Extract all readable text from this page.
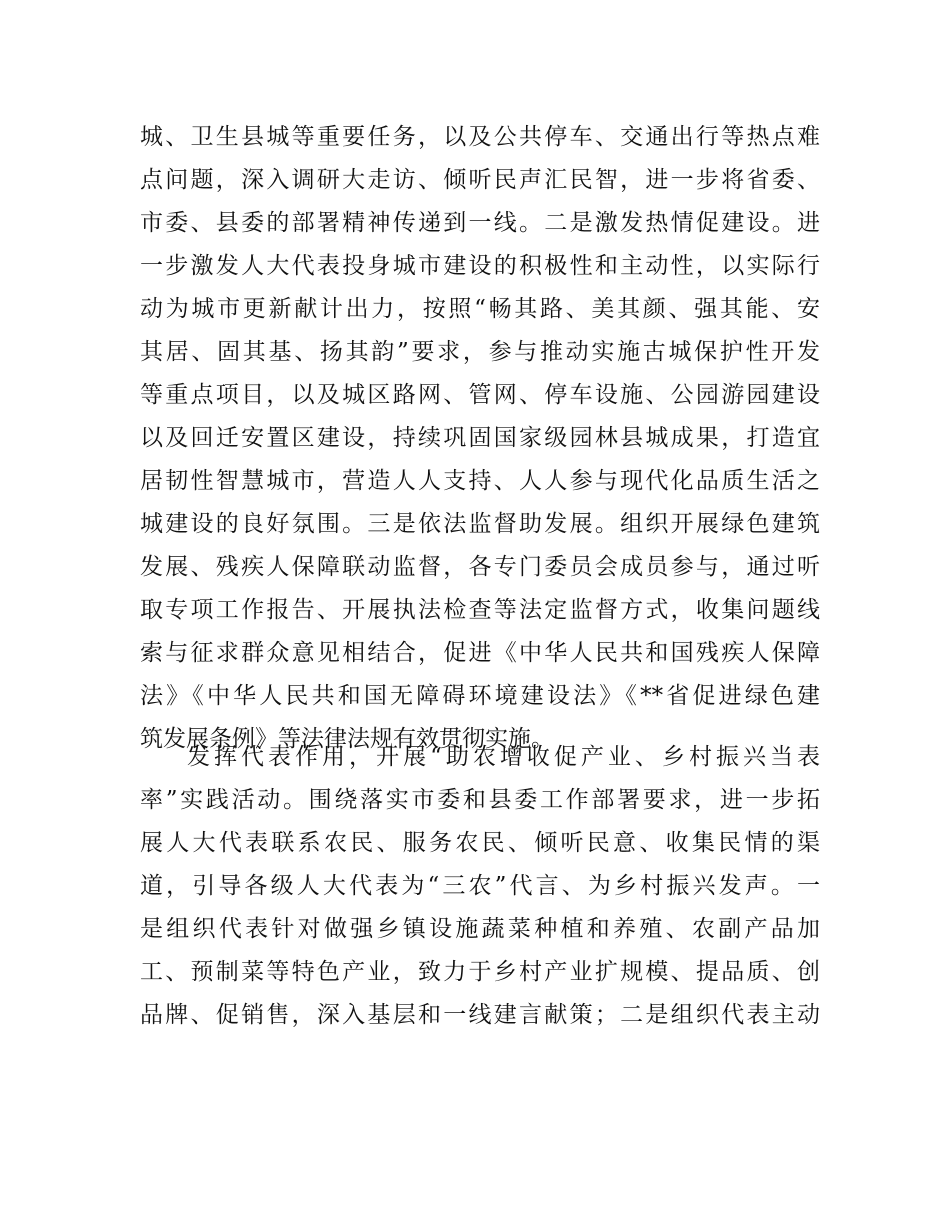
城、卫生县城等重要任务，以及公共停车、交通出行等热点难
点问题，深入调研大走访、倾听民声汇民智，进一步将省委、
市委、县委的部署精神传递到一线。二是激发热情促建设。进
一步激发人大代表投身城市建设的积极性和主动性，以实际行
动为城市更新献计出力，按照“畅其路、美其颜、强其能、安
其居、固其基、扬其韵”要求，参与推动实施古城保护性开发
等重点项目，以及城区路网、管网、停车设施、公园游园建设
以及回迁安置区建设，持续巩固国家级园林县城成果，打造宜
居韧性智慧城市，营造人人支持、人人参与现代化品质生活之
城建设的良好氛围。三是依法监督助发展。组织开展绿色建筑
发展、残疾人保障联动监督，各专门委员会成员参与，通过听
取专项工作报告、开展执法检查等法定监督方式，收集问题线
索与征求群众意见相结合，促进《中华人民共和国残疾人保障
法》《中华人民共和国无障碍环境建设法》《**省促进绿色建
筑发展条例》等法律法规有效贯彻实施。
发挥代表作用，开展“助农增收促产业、乡村振兴当表
率”实践活动。围绕落实市委和县委工作部署要求，进一步拓
展人大代表联系农民、服务农民、倾听民意、收集民情的渠
道，引导各级人大代表为“三农”代言、为乡村振兴发声。一
是组织代表针对做强乡镇设施蔬菜种植和养殖、农副产品加
工、预制菜等特色产业，致力于乡村产业扩规模、提品质、创
品牌、促销售，深入基层和一线建言献策；二是组织代表主动
